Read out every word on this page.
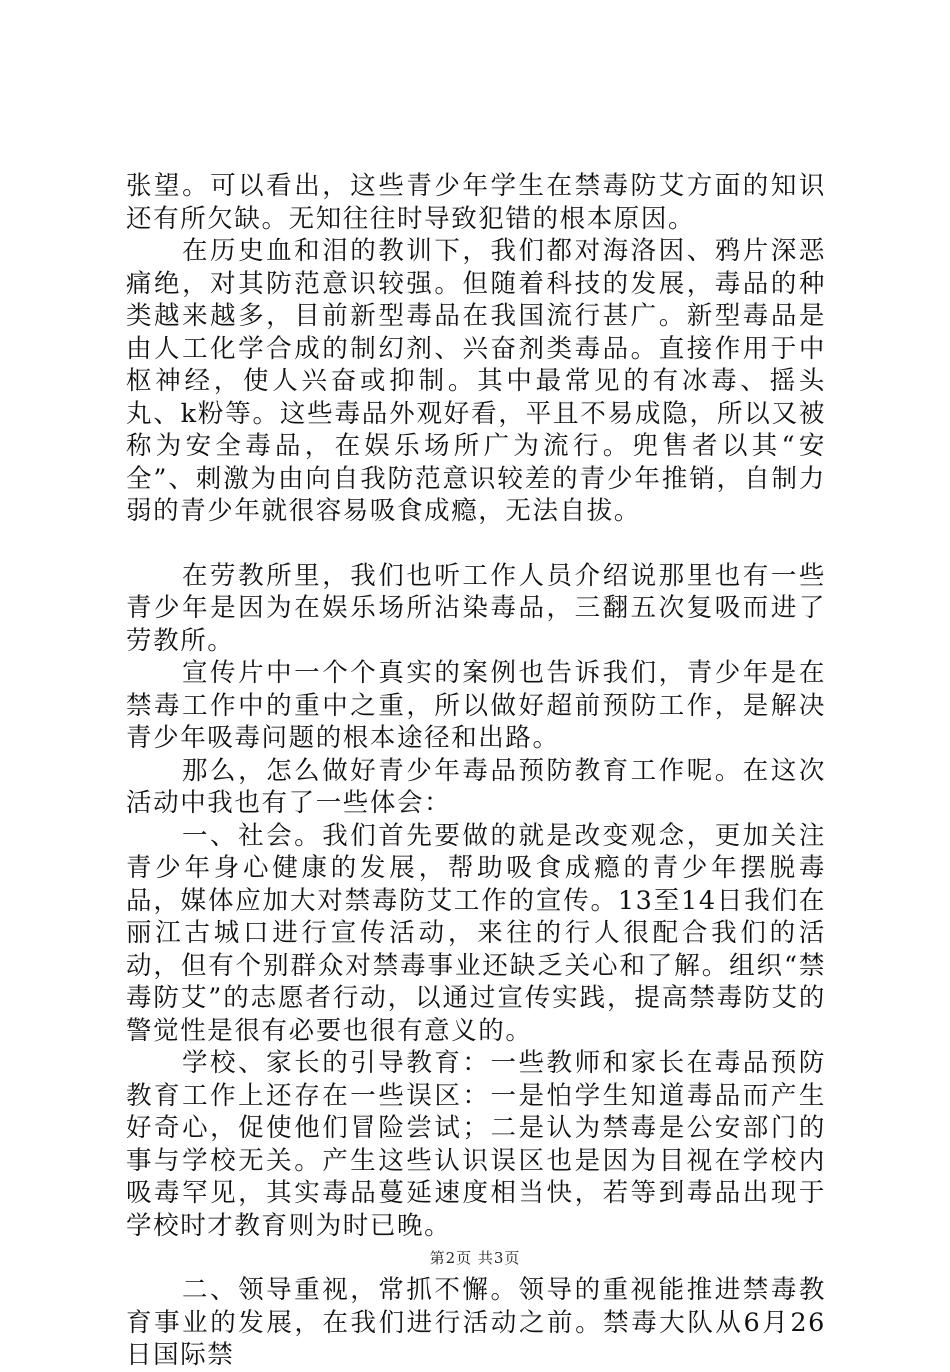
张望。可以看出，这些青少年学生在禁毒防艾方面的知识还有所欠缺。无知往往时导致犯错的根本原因。

在历史血和泪的教训下，我们都对海洛因、鸦片深恶痛绝，对其防范意识较强。但随着科技的发展，毒品的种类越来越多，目前新型毒品在我国流行甚广。新型毒品是由人工化学合成的制幻剂、兴奋剂类毒品。直接作用于中枢神经，使人兴奋或抑制。其中最常见的有冰毒、摇头丸、k粉等。这些毒品外观好看，平且不易成隐，所以又被称为安全毒品，在娱乐场所广为流行。兜售者以其“安全”、刺激为由向自我防范意识较差的青少年推销，自制力弱的青少年就很容易吸食成瘾，无法自拔。

在劳教所里，我们也听工作人员介绍说那里也有一些青少年是因为在娱乐场所沾染毒品，三翻五次复吸而进了劳教所。

宣传片中一个个真实的案例也告诉我们，青少年是在禁毒工作中的重中之重，所以做好超前预防工作，是解决青少年吸毒问题的根本途径和出路。

那么，怎么做好青少年毒品预防教育工作呢。在这次活动中我也有了一些体会：

一、社会。我们首先要做的就是改变观念，更加关注青少年身心健康的发展，帮助吸食成瘾的青少年摆脱毒品，媒体应加大对禁毒防艾工作的宣传。13至14日我们在丽江古城口进行宣传活动，来往的行人很配合我们的活动，但有个别群众对禁毒事业还缺乏关心和了解。组织“禁毒防艾”的志愿者行动，以通过宣传实践，提高禁毒防艾的警觉性是很有必要也很有意义的。

学校、家长的引导教育：一些教师和家长在毒品预防教育工作上还存在一些误区：一是怕学生知道毒品而产生好奇心，促使他们冒险尝试；二是认为禁毒是公安部门的事与学校无关。产生这些认识误区也是因为目视在学校内吸毒罕见，其实毒品蔓延速度相当快，若等到毒品出现于学校时才教育则为时已晚。

二、领导重视，常抓不懈。领导的重视能推进禁毒教育事业的发展，在我们进行活动之前。禁毒大队从6月26日国际禁

第2页 共3页
